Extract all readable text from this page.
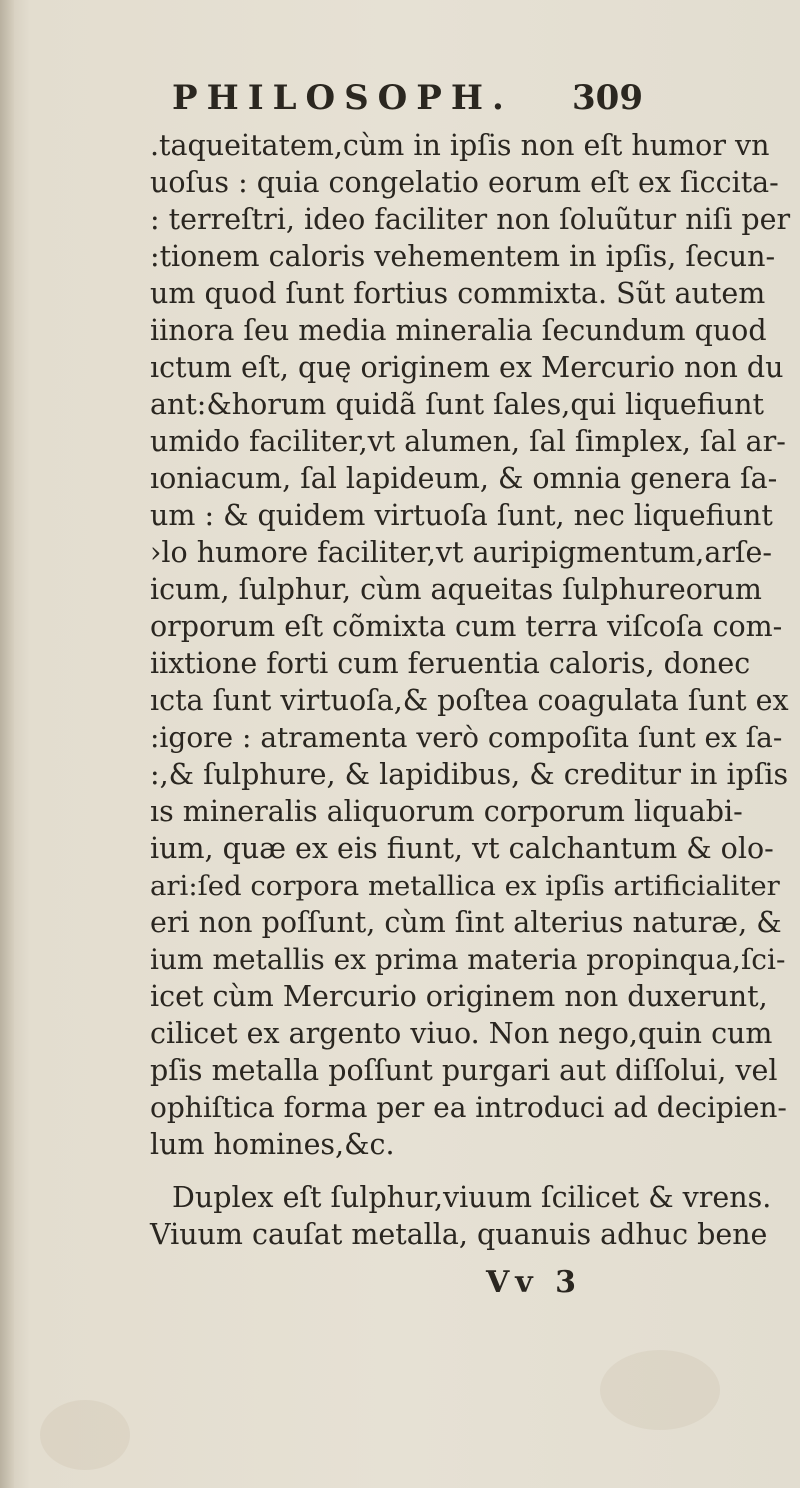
PHILOSOPH. 309
.taqueitatem,cùm in ipſis non eſt humor vn
uoſus : quia congelatio eorum eſt ex ſiccita-
: terreſtri, ideo faciliter non ſoluũtur niſi per
:tionem caloris vehementem in ipſis, ſecun-
um quod ſunt fortius commixta. Sũt autem
iinora ſeu media mineralia ſecundum quod
ıctum eſt, quę originem ex Mercurio non du
ant:&horum quidã ſunt ſales,qui liquefiunt
umido faciliter,vt alumen, ſal ſimplex, ſal ar-
ıoniacum, ſal lapideum, & omnia genera ſa-
um : & quidem virtuoſa ſunt, nec liquefiunt
›lo humore faciliter,vt auripigmentum,arſe-
icum, ſulphur, cùm aqueitas ſulphureorum
orporum eſt cõmixta cum terra viſcoſa com-
iixtione forti cum feruentia caloris, donec
ıcta ſunt virtuoſa,& poſtea coagulata ſunt ex
:igore : atramenta verò compoſita ſunt ex ſa-
:,& ſulphure, & lapidibus, & creditur in ipſis
ıs mineralis aliquorum corporum liquabi-
ium, quæ ex eis fiunt, vt calchantum & olo-
ari:ſed corpora metallica ex ipſis artificialiter
eri non poſſunt, cùm ſint alterius naturæ, &
ium metallis ex prima materia propinqua,ſci-
icet cùm Mercurio originem non duxerunt,
cilicet ex argento viuo. Non nego,quin cum
pſis metalla poſſunt purgari aut diſſolui, vel
ophiſtica forma per ea introduci ad decipien-
lum homines,&c.
Duplex eſt ſulphur,viuum ſcilicet & vrens.
Viuum cauſat metalla, quanuis adhuc bene
Vv 3
